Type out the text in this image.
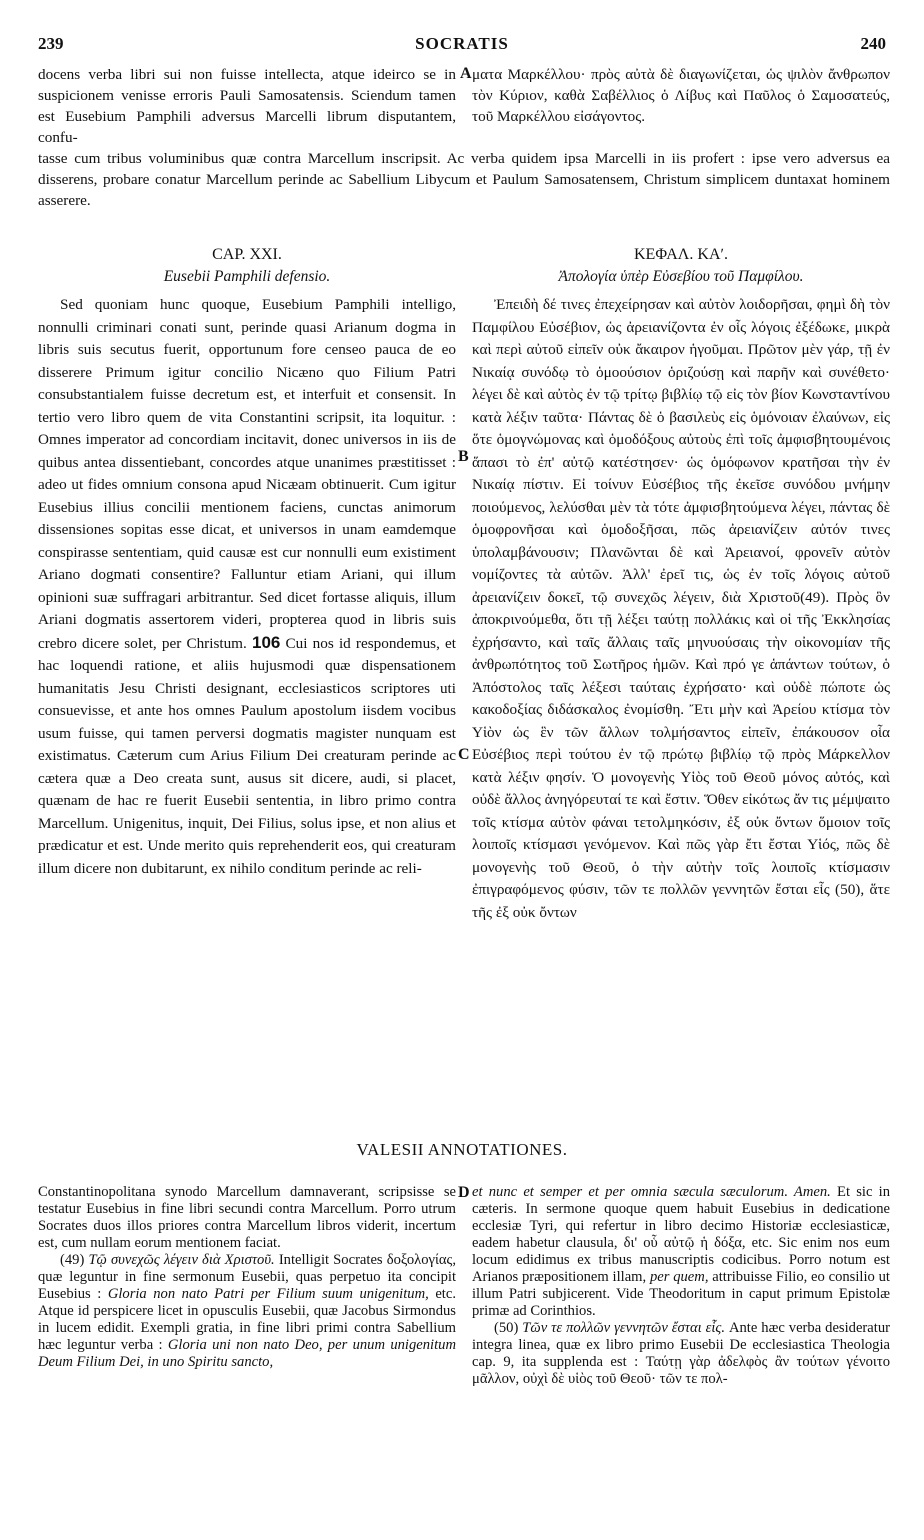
239	SOCRATIS	240

docens verba libri sui non fuisse intellecta, atque ideirco se in suspicionem venisse erroris Pauli Samosatensis. Sciendum tamen est Eusebium Pamphili adversus Marcelli librum disputantem, confu-

A ματα Μαρκέλλου· πρὸς αὐτὰ δὲ διαγωνίζεται, ὡς ψιλὸν ἄνθρωπον τὸν Κύριον, καθὰ Σαβέλλιος ὁ Λίβυς καὶ Παῦλος ὁ Σαμοσατεύς, τοῦ Μαρκέλλου εἰσάγοντος.

tasse cum tribus voluminibus quæ contra Marcellum inscripsit. Ac verba quidem ipsa Marcelli in iis profert : ipse vero adversus ea disserens, probare conatur Marcellum perinde ac Sabellium Libycum et Paulum Samosatensem, Christum simplicem duntaxat hominem asserere.

CAP. XXI.

Eusebii Pamphili defensio.

ΚΕΦΑΛ. ΚΑʹ.

Ἀπολογία ὑπὲρ Εὐσεβίου τοῦ Παμφίλου.

Sed quoniam hunc quoque, Eusebium Pamphili intelligo, nonnulli criminari conati sunt, perinde quasi Arianum dogma in libris suis secutus fuerit, opportunum fore censeo pauca de eo disserere Primum igitur concilio Nicæno quo Filium Patri consubstantialem fuisse decretum est, et interfuit et consensit. In tertio vero libro quem de vita Constantini scripsit, ita loquitur. : Omnes imperator ad concordiam incitavit, donec universos in iis de quibus antea dissentiebant, concordes atque unanimes præstitisset : adeo ut fides omnium consona apud Nicæam obtinuerit. Cum igitur Eusebius illius concilii mentionem faciens, cunctas animorum dissensiones sopitas esse dicat, et universos in unam eamdemque conspirasse sententiam, quid causæ est cur nonnulli eum existiment Ariano dogmati consentire? Falluntur etiam Ariani, qui illum opinioni suæ suffragari arbitrantur. Sed dicet fortasse aliquis, illum Ariani dogmatis assertorem videri, propterea quod in libris suis crebro dicere solet, per Christum. 106 Cui nos id respondemus, et hac loquendi ratione, et aliis hujusmodi quæ dispensationem humanitatis Jesu Christi designant, ecclesiasticos scriptores uti consuevisse, et ante hos omnes Paulum apostolum iisdem vocibus usum fuisse, qui tamen perversi dogmatis magister nunquam est existimatus. Cæterum cum Arius Filium Dei creaturam perinde ac cætera quæ a Deo creata sunt, ausus sit dicere, audi, si placet, quænam de hac re fuerit Eusebii sententia, in libro primo contra Marcellum. Unigenitus, inquit, Dei Filius, solus ipse, et non alius et prædicatur et est. Unde merito quis reprehenderit eos, qui creaturam illum dicere non dubitarunt, ex nihilo conditum perinde ac reli-

B
C

Ἐπειδὴ δέ τινες ἐπεχείρησαν καὶ αὐτὸν λοιδορῆσαι, φημὶ δὴ τὸν Παμφίλου Εὐσέβιον, ὡς ἀρειανίζοντα ἐν οἷς λόγοις ἐξέδωκε, μικρὰ καὶ περὶ αὐτοῦ εἰπεῖν οὐκ ἄκαιρον ἡγοῦμαι. Πρῶτον μὲν γάρ, τῇ ἐν Νικαίᾳ συνόδῳ τὸ ὁμοούσιον ὁριζούσῃ καὶ παρῆν καὶ συνέθετο· λέγει δὲ καὶ αὐτὸς ἐν τῷ τρίτῳ βιβλίῳ τῷ εἰς τὸν βίον Κωνσταντίνου κατὰ λέξιν ταῦτα· Πάντας δὲ ὁ βασιλεὺς εἰς ὁμόνοιαν ἐλαύνων, εἰς ὅτε ὁμογνώμονας καὶ ὁμοδόξους αὐτοὺς ἐπὶ τοῖς ἀμφισβητουμένοις ἅπασι τὸ ἐπ' αὐτῷ κατέστησεν· ὡς ὁμόφωνον κρατῆσαι τὴν ἐν Νικαίᾳ πίστιν. Εἰ τοίνυν Εὐσέβιος τῆς ἐκεῖσε συνόδου μνήμην ποιούμενος, λελύσθαι μὲν τὰ τότε ἀμφισβητούμενα λέγει, πάντας δὲ ὁμοφρονῆσαι καὶ ὁμοδοξῆσαι, πῶς ἀρειανίζειν αὐτόν τινες ὑπολαμβάνουσιν; Πλανῶνται δὲ καὶ Ἀρειανοί, φρονεῖν αὐτὸν νομίζοντες τὰ αὐτῶν. Ἀλλ' ἐρεῖ τις, ὡς ἐν τοῖς λόγοις αὐτοῦ ἀρειανίζειν δοκεῖ, τῷ συνεχῶς λέγειν, διὰ Χριστοῦ(49). Πρὸς ὃν ἀποκρινούμεθα, ὅτι τῇ λέξει ταύτῃ πολλάκις καὶ οἱ τῆς Ἐκκλησίας ἐχρήσαντο, καὶ ταῖς ἄλλαις ταῖς μηνυούσαις τὴν οἰκονομίαν τῆς ἀνθρωπότητος τοῦ Σωτῆρος ἡμῶν. Καὶ πρό γε ἁπάντων τούτων, ὁ Ἀπόστολος ταῖς λέξεσι ταύταις ἐχρήσατο· καὶ οὐδὲ πώποτε ὡς κακοδοξίας διδάσκαλος ἐνομίσθη. Ἔτι μὴν καὶ Ἀρείου κτίσμα τὸν Υἱὸν ὡς ἓν τῶν ἄλλων τολμήσαντος εἰπεῖν, ἐπάκουσον οἷα Εὐσέβιος περὶ τούτου ἐν τῷ πρώτῳ βιβλίῳ τῷ πρὸς Μάρκελλον κατὰ λέξιν φησίν. Ὁ μονογενὴς Υἱὸς τοῦ Θεοῦ μόνος αὐτός, καὶ οὐδὲ ἄλλος ἀνηγόρευταί τε καὶ ἔστιν. Ὅθεν εἰκότως ἄν τις μέμψαιτο τοῖς κτίσμα αὐτὸν φάναι τετολμηκόσιν, ἐξ οὐκ ὄντων ὅμοιον τοῖς λοιποῖς κτίσμασι γενόμενον. Καὶ πῶς γὰρ ἔτι ἔσται Υἱός, πῶς δὲ μονογενὴς τοῦ Θεοῦ, ὁ τὴν αὐτὴν τοῖς λοιποῖς κτίσμασιν ἐπιγραφόμενος φύσιν, τῶν τε πολλῶν γεννητῶν ἔσται εἷς (50), ἅτε τῆς ἐξ οὐκ ὄντων

VALESII ANNOTATIONES.

Constantinopolitana synodo Marcellum damnaverant, scripsisse se testatur Eusebius in fine libri secundi contra Marcellum. Porro utrum Socrates duos illos priores contra Marcellum libros viderit, incertum est, cum nullam eorum mentionem faciat.

(49) Τῷ συνεχῶς λέγειν διὰ Χριστοῦ. Intelligit Socrates δοξολογίας, quæ leguntur in fine sermonum Eusebii, quas perpetuo ita concipit Eusebius : Gloria non nato Patri per Filium suum unigenitum, etc. Atque id perspicere licet in opusculis Eusebii, quæ Jacobus Sirmondus in lucem edidit. Exempli gratia, in fine libri primi contra Sabellium hæc leguntur verba : Gloria uni non nato Deo, per unum unigenitum Deum Filium Dei, in uno Spiritu sancto,

D et nunc et semper et per omnia sæcula sæculorum. Amen. Et sic in cæteris. In sermone quoque quem habuit Eusebius in dedicatione ecclesiæ Tyri, qui refertur in libro decimo Historiæ ecclesiasticæ, eadem habetur clausula, δι' οὗ αὐτῷ ἡ δόξα, etc. Sic enim nos eum locum edidimus ex tribus manuscriptis codicibus. Porro notum est Arianos præpositionem illam, per quem, attribuisse Filio, eo consilio ut illum Patri subjicerent. Vide Theodoritum in caput primum Epistolæ primæ ad Corinthios.

(50) Τῶν τε πολλῶν γεννητῶν ἔσται εἷς. Ante hæc verba desideratur integra linea, quæ ex libro primo Eusebii De ecclesiastica Theologia cap. 9, ita supplenda est : Ταύτῃ γὰρ ἀδελφὸς ἂν τούτων γένοιτο μᾶλλον, οὐχὶ δὲ υἱὸς τοῦ Θεοῦ· τῶν τε πολ-
